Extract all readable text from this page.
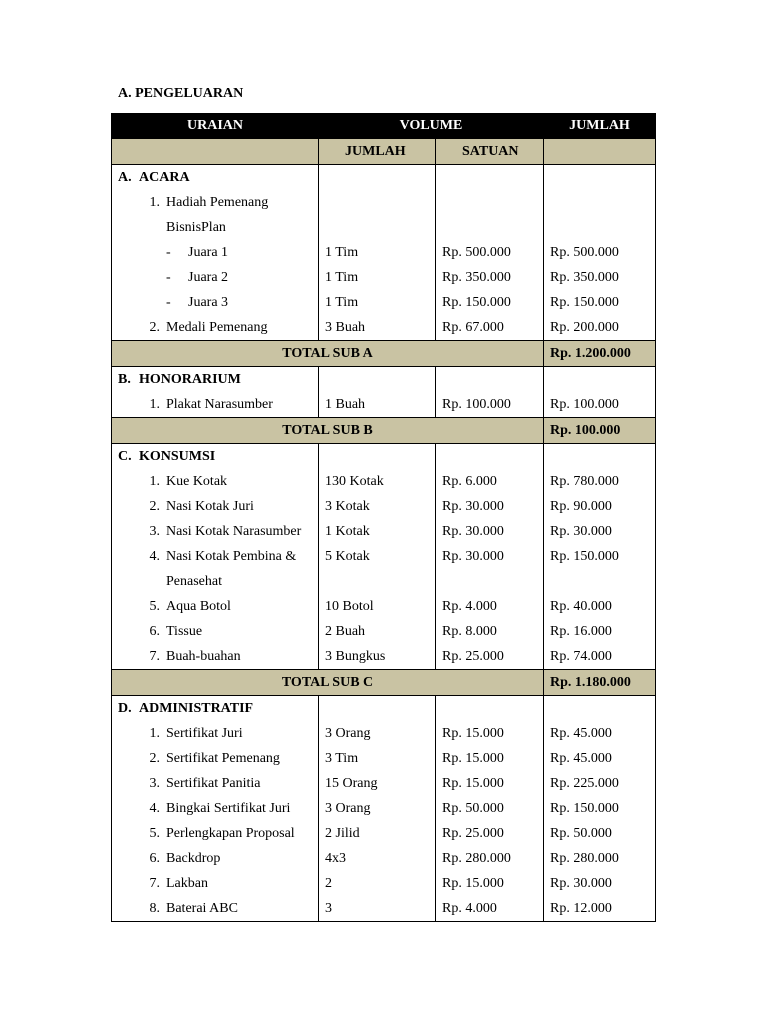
A. PENGELUARAN
URAIAN	VOLUME		JUMLAH
	JUMLAH	SATUAN	
A. ACARA			
1. Hadiah Pemenang			
BisnisPlan			
- Juara 1	1 Tim	Rp. 500.000	Rp. 500.000
- Juara 2	1 Tim	Rp. 350.000	Rp. 350.000
- Juara 3	1 Tim	Rp. 150.000	Rp. 150.000
2. Medali Pemenang	3 Buah	Rp. 67.000	Rp. 200.000
TOTAL SUB A			Rp. 1.200.000
B. HONORARIUM			
1. Plakat Narasumber	1 Buah	Rp. 100.000	Rp. 100.000
TOTAL SUB B			Rp. 100.000
C. KONSUMSI			
1. Kue Kotak	130 Kotak	Rp. 6.000	Rp. 780.000
2. Nasi Kotak Juri	3 Kotak	Rp. 30.000	Rp. 90.000
3. Nasi Kotak Narasumber	1 Kotak	Rp. 30.000	Rp. 30.000
4. Nasi Kotak Pembina &	5 Kotak	Rp. 30.000	Rp. 150.000
Penasehat			
5. Aqua Botol	10 Botol	Rp. 4.000	Rp. 40.000
6. Tissue	2 Buah	Rp. 8.000	Rp. 16.000
7. Buah-buahan	3 Bungkus	Rp. 25.000	Rp. 74.000
TOTAL SUB C			Rp. 1.180.000
D. ADMINISTRATIF			
1. Sertifikat Juri	3 Orang	Rp. 15.000	Rp. 45.000
2. Sertifikat Pemenang	3 Tim	Rp. 15.000	Rp. 45.000
3. Sertifikat Panitia	15 Orang	Rp. 15.000	Rp. 225.000
4. Bingkai Sertifikat Juri	3 Orang	Rp. 50.000	Rp. 150.000
5. Perlengkapan Proposal	2 Jilid	Rp. 25.000	Rp. 50.000
6. Backdrop	4x3	Rp. 280.000	Rp. 280.000
7. Lakban	2	Rp. 15.000	Rp. 30.000
8. Baterai ABC	3	Rp. 4.000	Rp. 12.000
